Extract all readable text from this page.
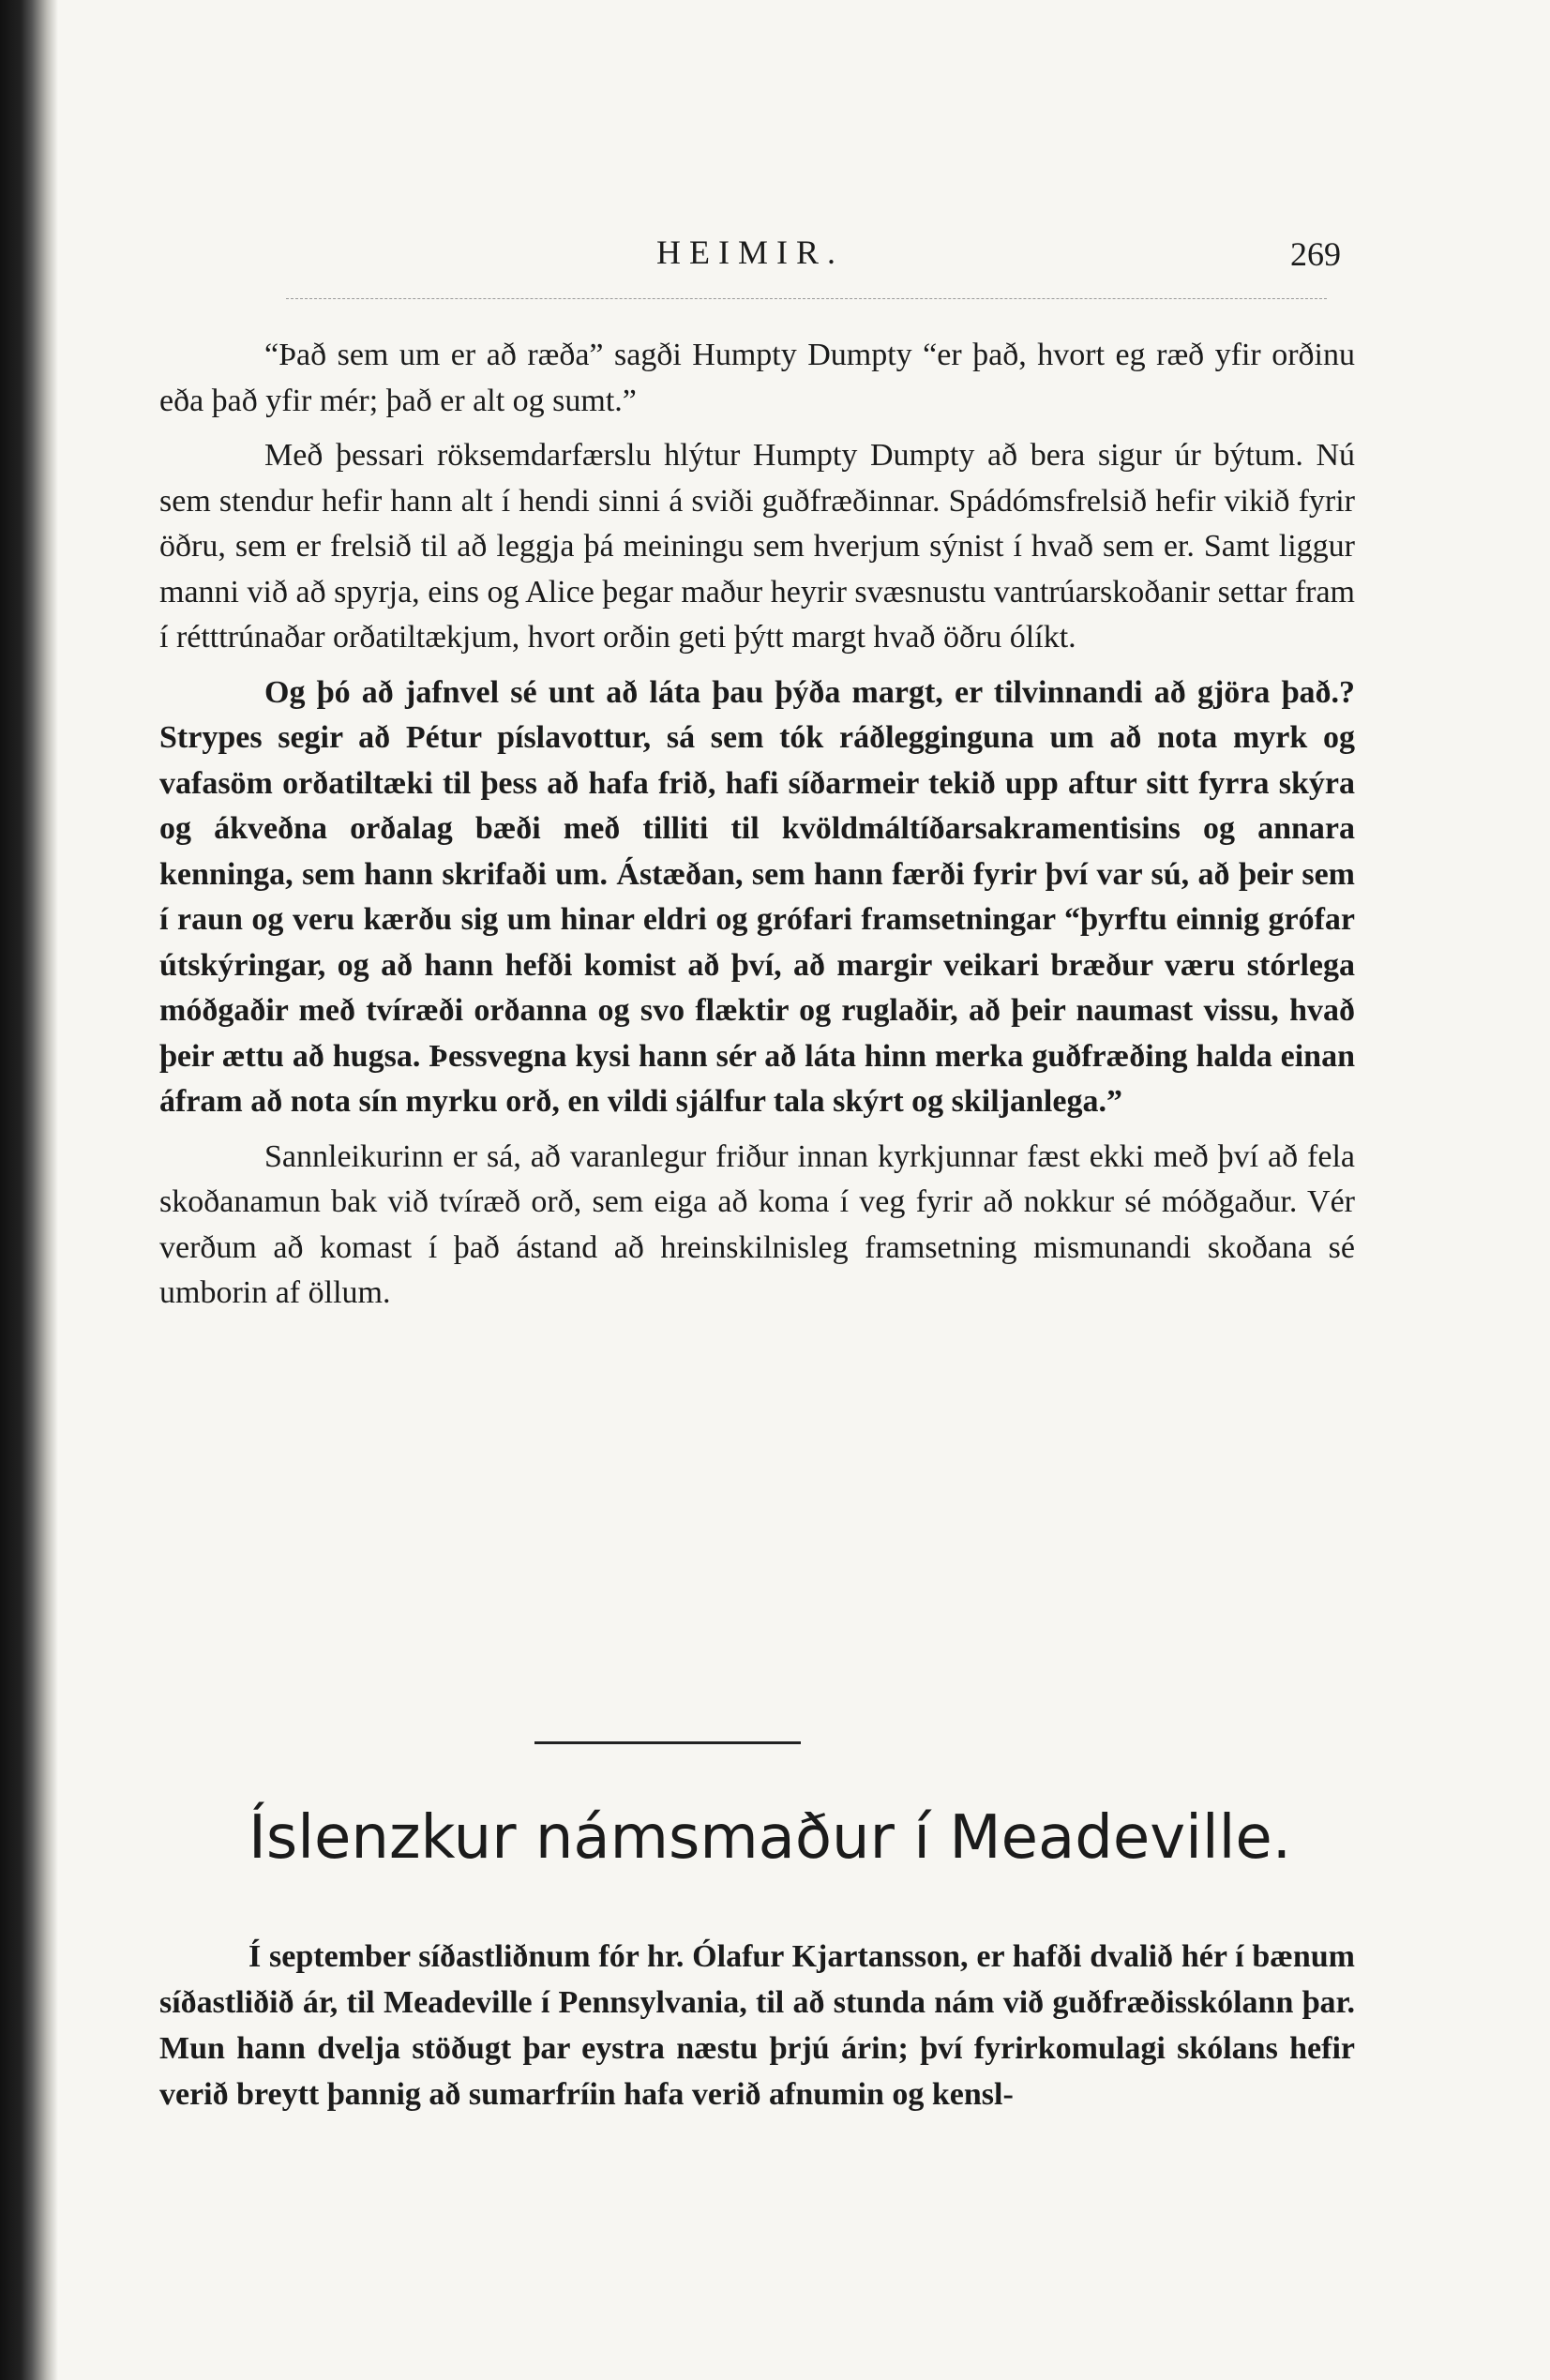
HEIMIR.	269

“Það sem um er að ræða” sagði Humpty Dumpty “er það, hvort eg ræð yfir orðinu eða það yfir mér; það er alt og sumt.”

Með þessari röksemdarfærslu hlýtur Humpty Dumpty að bera sigur úr býtum. Nú sem stendur hefir hann alt í hendi sinni á sviði guðfræðinnar. Spádómsfrelsið hefir vikið fyrir öðru, sem er frelsið til að leggja þá meiningu sem hverjum sýnist í hvað sem er. Samt liggur manni við að spyrja, eins og Alice þegar maður heyrir svæsnustu vantrúarskoðanir settar fram í rétttrúnaðar orðatiltækjum, hvort orðin geti þýtt margt hvað öðru ólíkt.

Og þó að jafnvel sé unt að láta þau þýða margt, er tilvinnandi að gjöra það.? Strypes segir að Pétur píslavottur, sá sem tók ráðlegginguna um að nota myrk og vafasöm orðatiltæki til þess að hafa frið, hafi síðarmeir tekið upp aftur sitt fyrra skýra og ákveðna orðalag bæði með tilliti til kvöldmáltíðarsakramentisins og annara kenninga, sem hann skrifaði um. Ástæðan, sem hann færði fyrir því var sú, að þeir sem í raun og veru kærðu sig um hinar eldri og grófari framsetningar “þyrftu einnig grófar útskýringar, og að hann hefði komist að því, að margir veikari bræður væru stórlega móðgaðir með tvíræði orðanna og svo flæktir og ruglaðir, að þeir naumast vissu, hvað þeir ættu að hugsa. Þessvegna kysi hann sér að láta hinn merka guðfræðing halda einan áfram að nota sín myrku orð, en vildi sjálfur tala skýrt og skiljanlega.”

Sannleikurinn er sá, að varanlegur friður innan kyrkjunnar fæst ekki með því að fela skoðanamun bak við tvíræð orð, sem eiga að koma í veg fyrir að nokkur sé móðgaður. Vér verðum að komast í það ástand að hreinskilnisleg framsetning mismunandi skoðana sé umborin af öllum.

Íslenzkur námsmaður í Meadeville.

Í september síðastliðnum fór hr. Ólafur Kjartansson, er hafði dvalið hér í bænum síðastliðið ár, til Meadeville í Pennsylvania, til að stunda nám við guðfræðisskólann þar. Mun hann dvelja stöðugt þar eystra næstu þrjú árin; því fyrirkomulagi skólans hefir verið breytt þannig að sumarfríin hafa verið afnumin og kensl-
